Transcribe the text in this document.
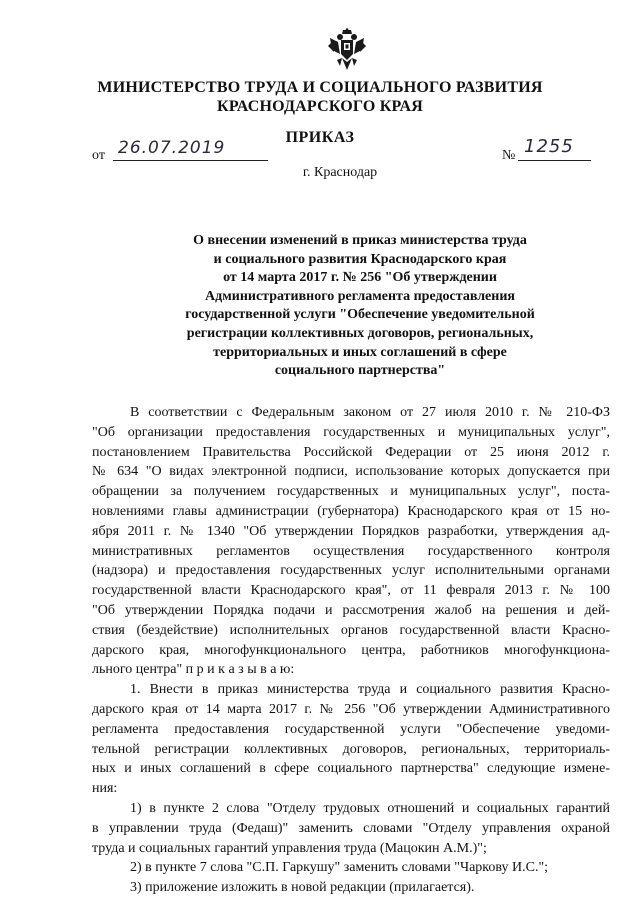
МИНИСТЕРСТВО ТРУДА И СОЦИАЛЬНОГО РАЗВИТИЯ
КРАСНОДАРСКОГО КРАЯ
ПРИКАЗ
от 26.07.2019	№ 1255
г. Краснодар
О внесении изменений в приказ министерства труда
и социального развития Краснодарского края
от 14 марта 2017 г. № 256 "Об утверждении
Административного регламента предоставления
государственной услуги "Обеспечение уведомительной
регистрации коллективных договоров, региональных,
территориальных и иных соглашений в сфере
социального партнерства"
В соответствии с Федеральным законом от 27 июля 2010 г. № 210-ФЗ
"Об организации предоставления государственных и муниципальных услуг",
постановлением Правительства Российской Федерации от 25 июня 2012 г.
№ 634 "О видах электронной подписи, использование которых допускается при
обращении за получением государственных и муниципальных услуг", поста-
новлениями главы администрации (губернатора) Краснодарского края от 15 но-
ября 2011 г. № 1340 "Об утверждении Порядков разработки, утверждения ад-
министративных регламентов осуществления государственного контроля
(надзора) и предоставления государственных услуг исполнительными органами
государственной власти Краснодарского края", от 11 февраля 2013 г. № 100
"Об утверждении Порядка подачи и рассмотрения жалоб на решения и дей-
ствия (бездействие) исполнительных органов государственной власти Красно-
дарского края, многофункционального центра, работников многофункциона-
льного центра" п р и к а з ы в а ю:
1. Внести в приказ министерства труда и социального развития Красно-
дарского края от 14 марта 2017 г. № 256 "Об утверждении Административного
регламента предоставления государственной услуги "Обеспечение уведоми-
тельной регистрации коллективных договоров, региональных, территориаль-
ных и иных соглашений в сфере социального партнерства" следующие измене-
ния:
1) в пункте 2 слова "Отделу трудовых отношений и социальных гарантий
в управлении труда (Федаш)" заменить словами "Отделу управления охраной
труда и социальных гарантий управления труда (Мацокин А.М.)";
2) в пункте 7 слова "С.П. Гаркушу" заменить словами "Чаркову И.С.";
3) приложение изложить в новой редакции (прилагается).
